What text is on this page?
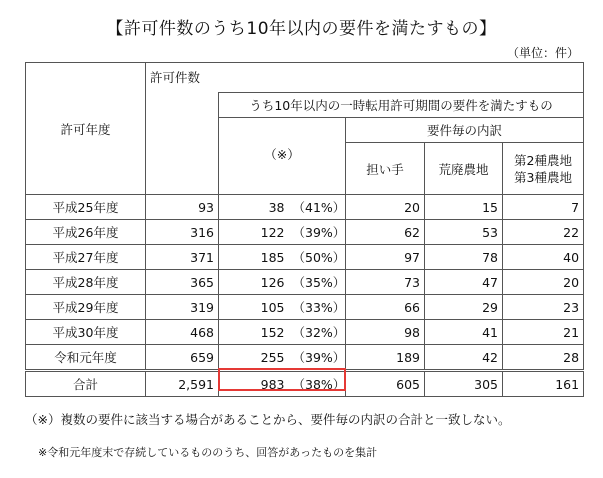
【許可件数のうち10年以内の要件を満たすもの】
（単位：件）
許可年度	許可件数					
		うち10年以内の一時転用許可期間の要件を満たすもの				
		（※）		要件毎の内訳		
				担い手	荒廃農地	第2種農地
第3種農地
平成25年度	93	38	（41%）	20	15	7
平成26年度	316	122	（39%）	62	53	22
平成27年度	371	185	（50%）	97	78	40
平成28年度	365	126	（35%）	73	47	20
平成29年度	319	105	（33%）	66	29	23
平成30年度	468	152	（32%）	98	41	21
令和元年度	659	255	（39%）	189	42	28
合計	2,591	983	（38%）	605	305	161
（※）複数の要件に該当する場合があることから、要件毎の内訳の合計と一致しない。
※令和元年度末で存続しているもののうち、回答があったものを集計
